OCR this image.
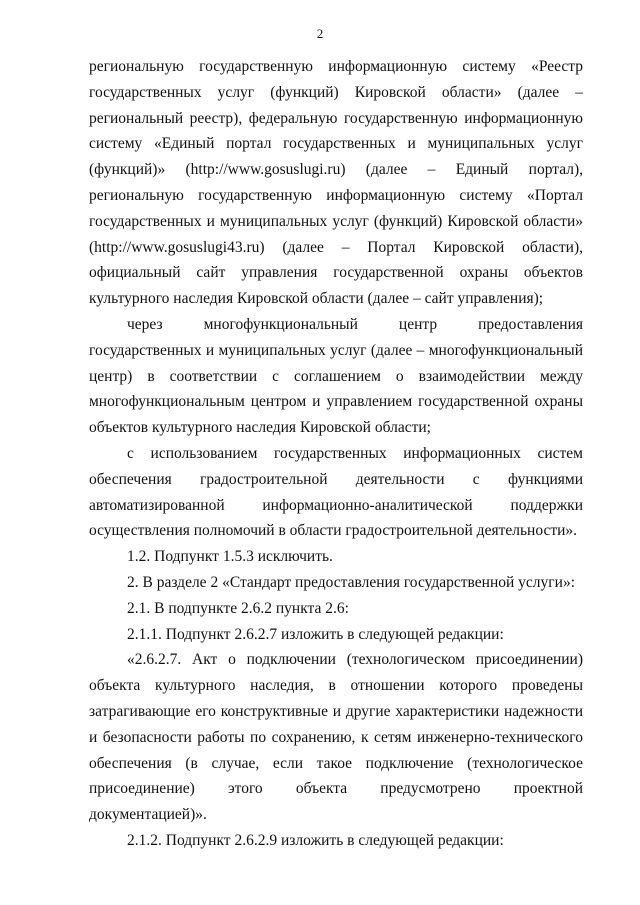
2

региональную государственную информационную систему «Реестр государственных услуг (функций) Кировской области» (далее – региональный реестр), федеральную государственную информационную систему «Единый портал государственных и муниципальных услуг (функций)» (http://www.gosuslugi.ru) (далее – Единый портал), региональную государственную информационную систему «Портал государственных и муниципальных услуг (функций) Кировской области» (http://www.gosuslugi43.ru) (далее – Портал Кировской области), официальный сайт управления государственной охраны объектов культурного наследия Кировской области (далее – сайт управления);

через многофункциональный центр предоставления государственных и муниципальных услуг (далее – многофункциональный центр) в соответствии с соглашением о взаимодействии между многофункциональным центром и управлением государственной охраны объектов культурного наследия Кировской области;

с использованием государственных информационных систем обеспечения градостроительной деятельности с функциями автоматизированной информационно-аналитической поддержки осуществления полномочий в области градостроительной деятельности».

1.2. Подпункт 1.5.3 исключить.

2. В разделе 2 «Стандарт предоставления государственной услуги»:

2.1. В подпункте 2.6.2 пункта 2.6:

2.1.1. Подпункт 2.6.2.7 изложить в следующей редакции:

«2.6.2.7. Акт о подключении (технологическом присоединении) объекта культурного наследия, в отношении которого проведены затрагивающие его конструктивные и другие характеристики надежности и безопасности работы по сохранению, к сетям инженерно-технического обеспечения (в случае, если такое подключение (технологическое присоединение) этого объекта предусмотрено проектной документацией)».

2.1.2. Подпункт 2.6.2.9 изложить в следующей редакции:
